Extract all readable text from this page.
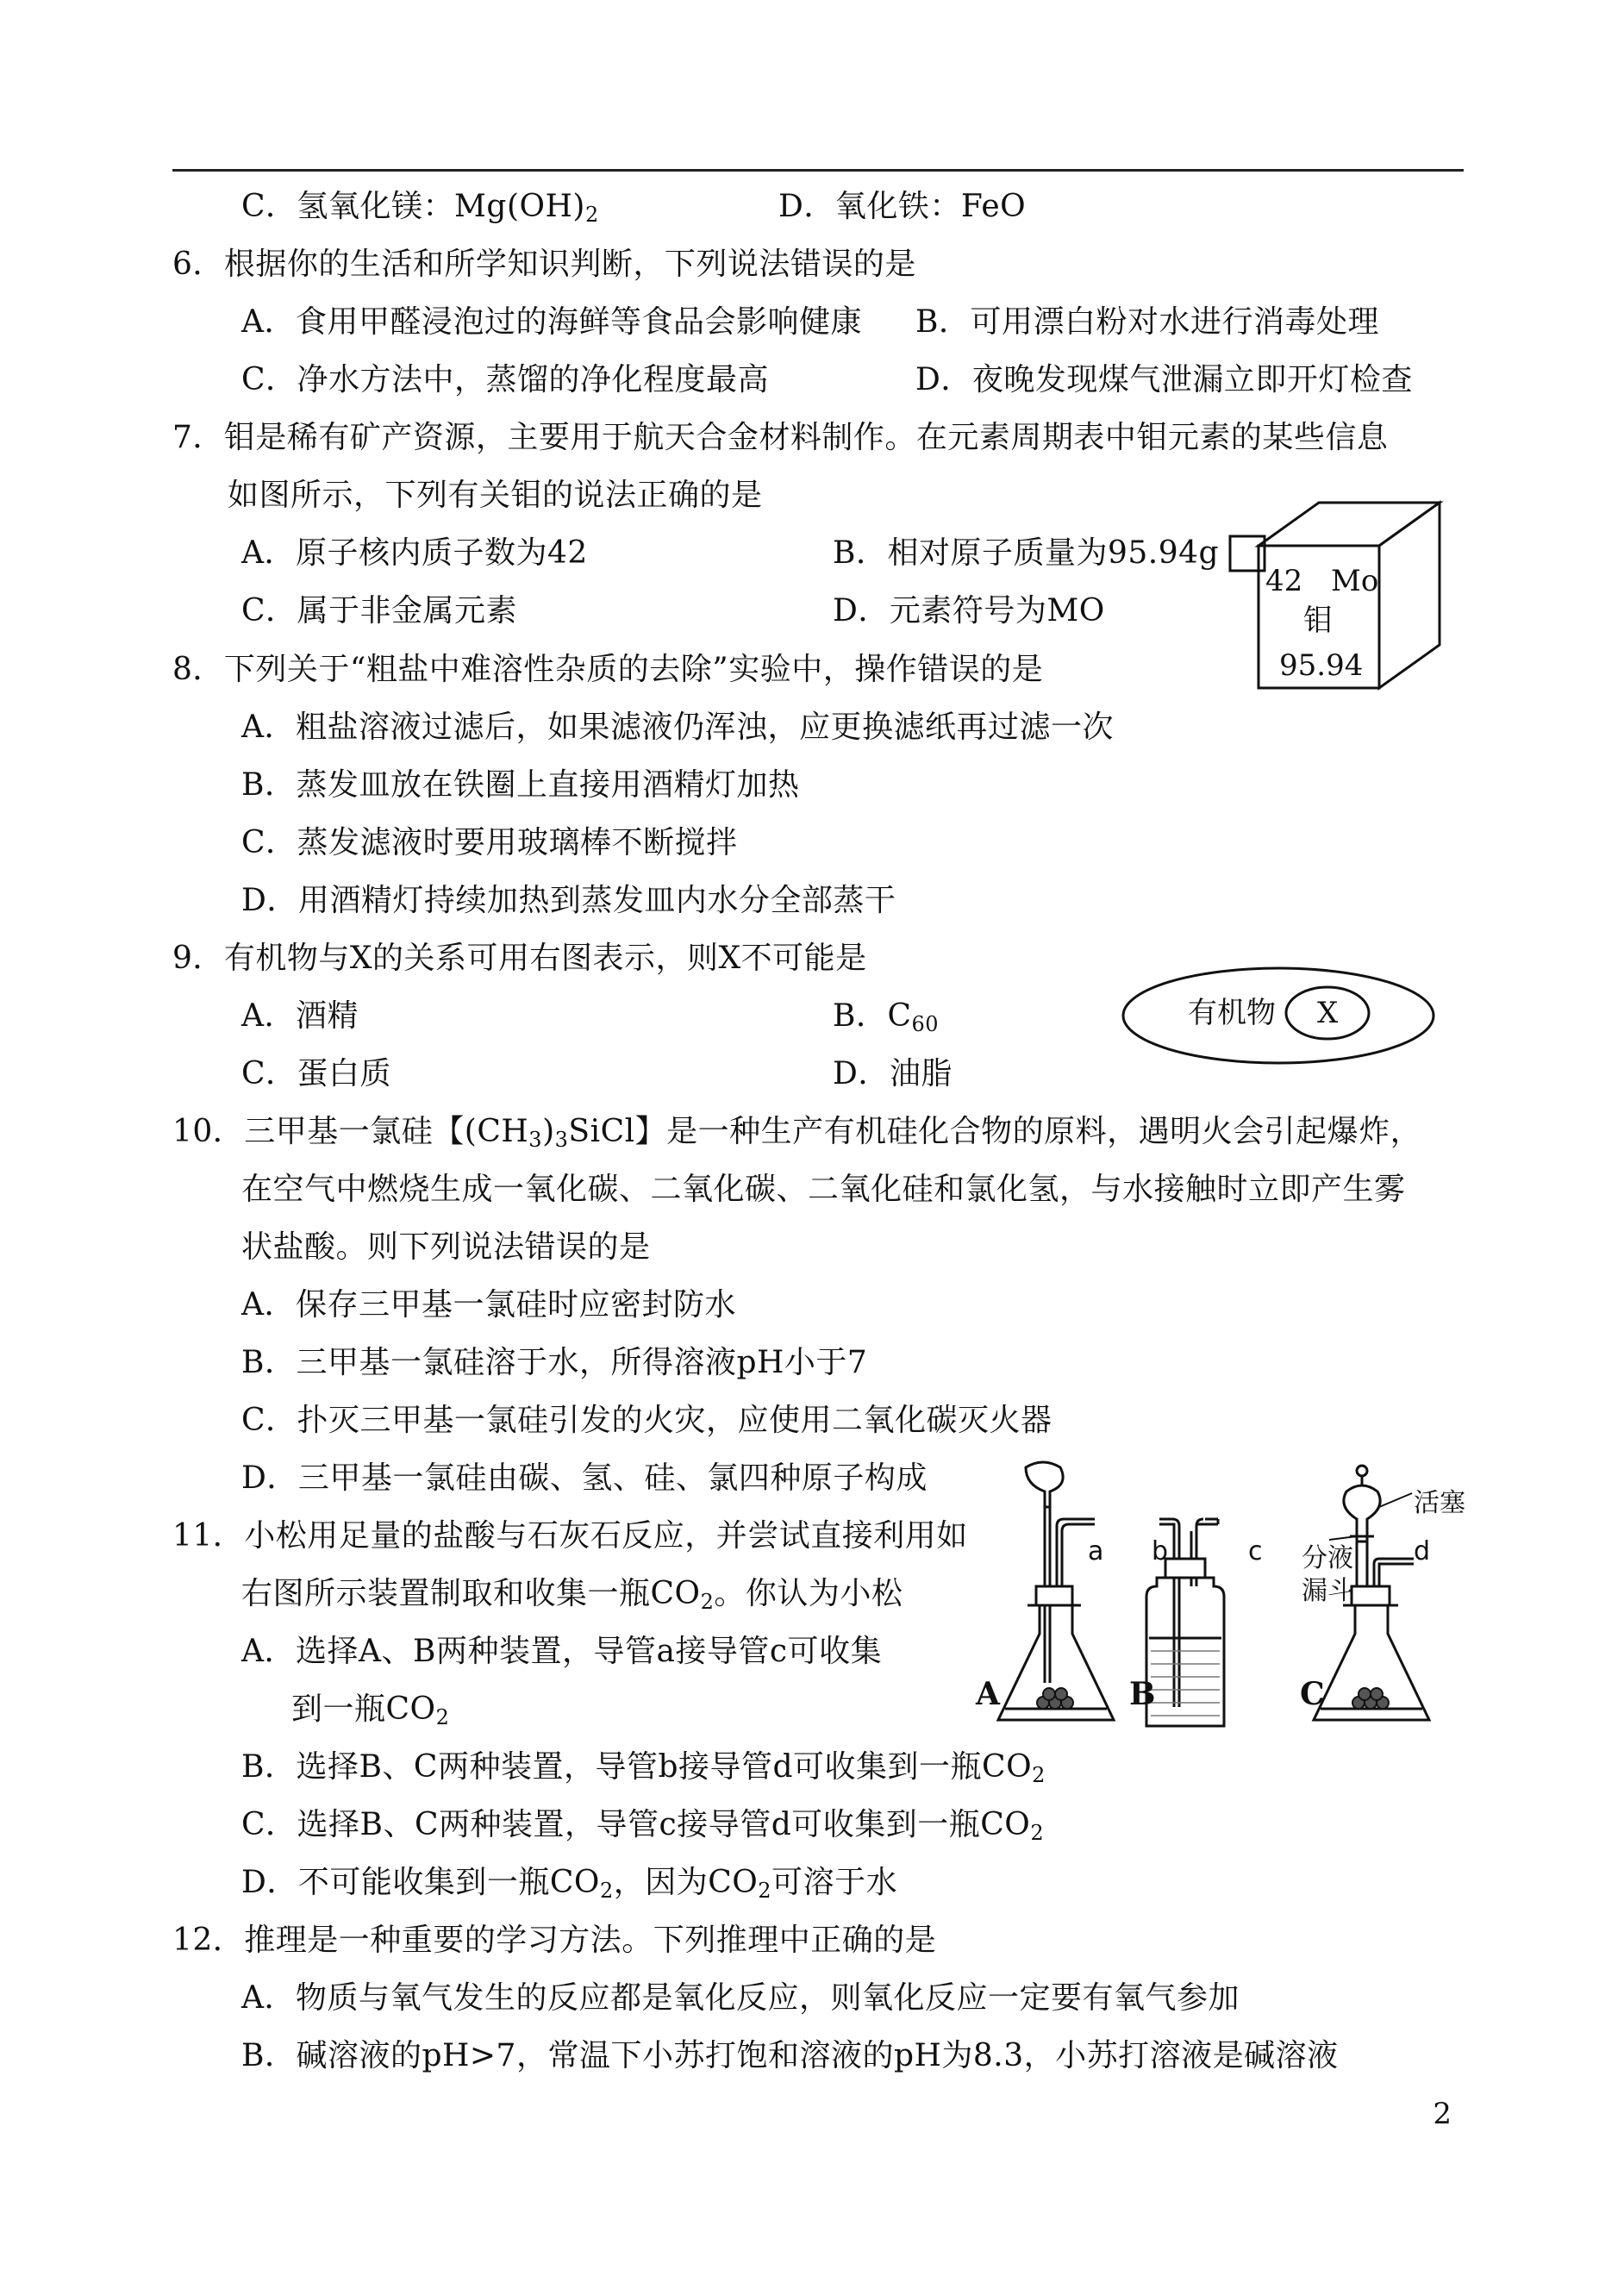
C．氢氧化镁：$Mg(OH)_2$	D．氧化铁：FeO
6．根据你的生活和所学知识判断，下列说法错误的是
A．食用甲醛浸泡过的海鲜等食品会影响健康 B．可用漂白粉对水进行消毒处理
C．净水方法中，蒸馏的净化程度最高	D．夜晚发现煤气泄漏立即开灯检查
7．钼是稀有矿产资源，主要用于航天合金材料制作。在元素周期表中钼元素的某些信息
如图所示，下列有关钼的说法正确的是
A．原子核内质子数为42	B．相对原子质量为95.94g
C．属于非金属元素	D．元素符号为MO
42 Mo
钼
95.94
8．下列关于“粗盐中难溶性杂质的去除”实验中，操作错误的是
A．粗盐溶液过滤后，如果滤液仍浑浊，应更换滤纸再过滤一次
B．蒸发皿放在铁圈上直接用酒精灯加热
C．蒸发滤液时要用玻璃棒不断搅拌
D．用酒精灯持续加热到蒸发皿内水分全部蒸干
9．有机物与X的关系可用右图表示，则X不可能是
A．酒精	B．$C_{60}$
C．蛋白质	D．油脂
有机物 X
10．三甲基一氯硅【$(CH_3)_3SiCl$】是一种生产有机硅化合物的原料，遇明火会引起爆炸，
在空气中燃烧生成一氧化碳、二氧化碳、二氧化硅和氯化氢，与水接触时立即产生雾
状盐酸。则下列说法错误的是
A．保存三甲基一氯硅时应密封防水
B．三甲基一氯硅溶于水，所得溶液pH小于7
C．扑灭三甲基一氯硅引发的火灾，应使用二氧化碳灭火器
D．三甲基一氯硅由碳、氢、硅、氯四种原子构成
11．小松用足量的盐酸与石灰石反应，并尝试直接利用如
右图所示装置制取和收集一瓶$CO_2$。你认为小松
A．选择A、B两种装置，导管a接导管c可收集
到一瓶$CO_2$
B．选择B、C两种装置，导管b接导管d可收集到一瓶$CO_2$
C．选择B、C两种装置，导管c接导管d可收集到一瓶$CO_2$
D．不可能收集到一瓶$CO_2$，因为$CO_2$可溶于水
a b	c	d
活塞
分液
漏斗
A	B	C
12．推理是一种重要的学习方法。下列推理中正确的是
A．物质与氧气发生的反应都是氧化反应，则氧化反应一定要有氧气参加
B．碱溶液的pH>7，常温下小苏打饱和溶液的pH为8.3，小苏打溶液是碱溶液
2
